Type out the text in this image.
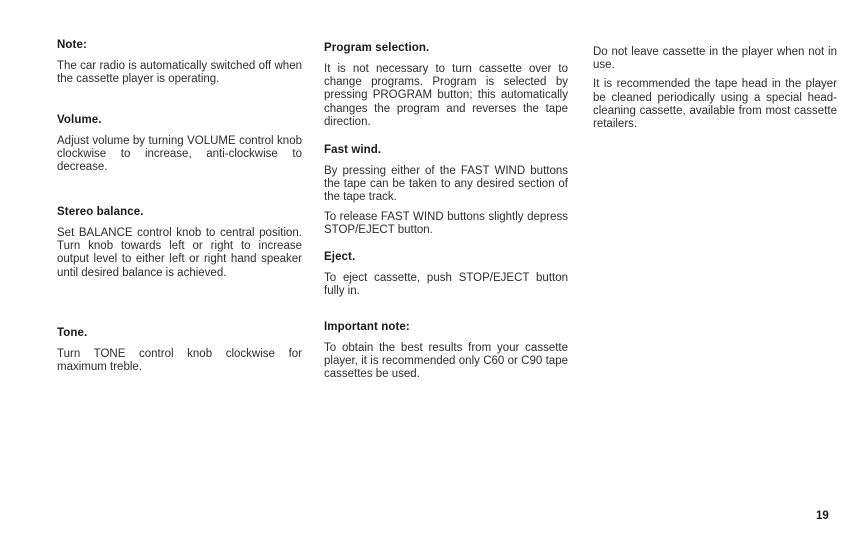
Note:

The car radio is automatically switched off when the cassette player is operating.

Volume.

Adjust volume by turning VOLUME control knob clockwise to increase, anti-clockwise to decrease.

Stereo balance.

Set BALANCE control knob to central position. Turn knob towards left or right to increase output level to either left or right hand speaker until desired balance is achieved.

Tone.

Turn TONE control knob clockwise for maximum treble.

Program selection.

It is not necessary to turn cassette over to change programs. Program is selected by pressing PROGRAM button; this automatically changes the program and reverses the tape direction.

Fast wind.

By pressing either of the FAST WIND buttons the tape can be taken to any desired section of the tape track.

To release FAST WIND buttons slightly depress STOP/EJECT button.

Eject.

To eject cassette, push STOP/EJECT button fully in.

Important note:

To obtain the best results from your cassette player, it is recommended only C60 or C90 tape cassettes be used.

Do not leave cassette in the player when not in use.

It is recommended the tape head in the player be cleaned periodically using a special head-cleaning cassette, available from most cassette retailers.

19
